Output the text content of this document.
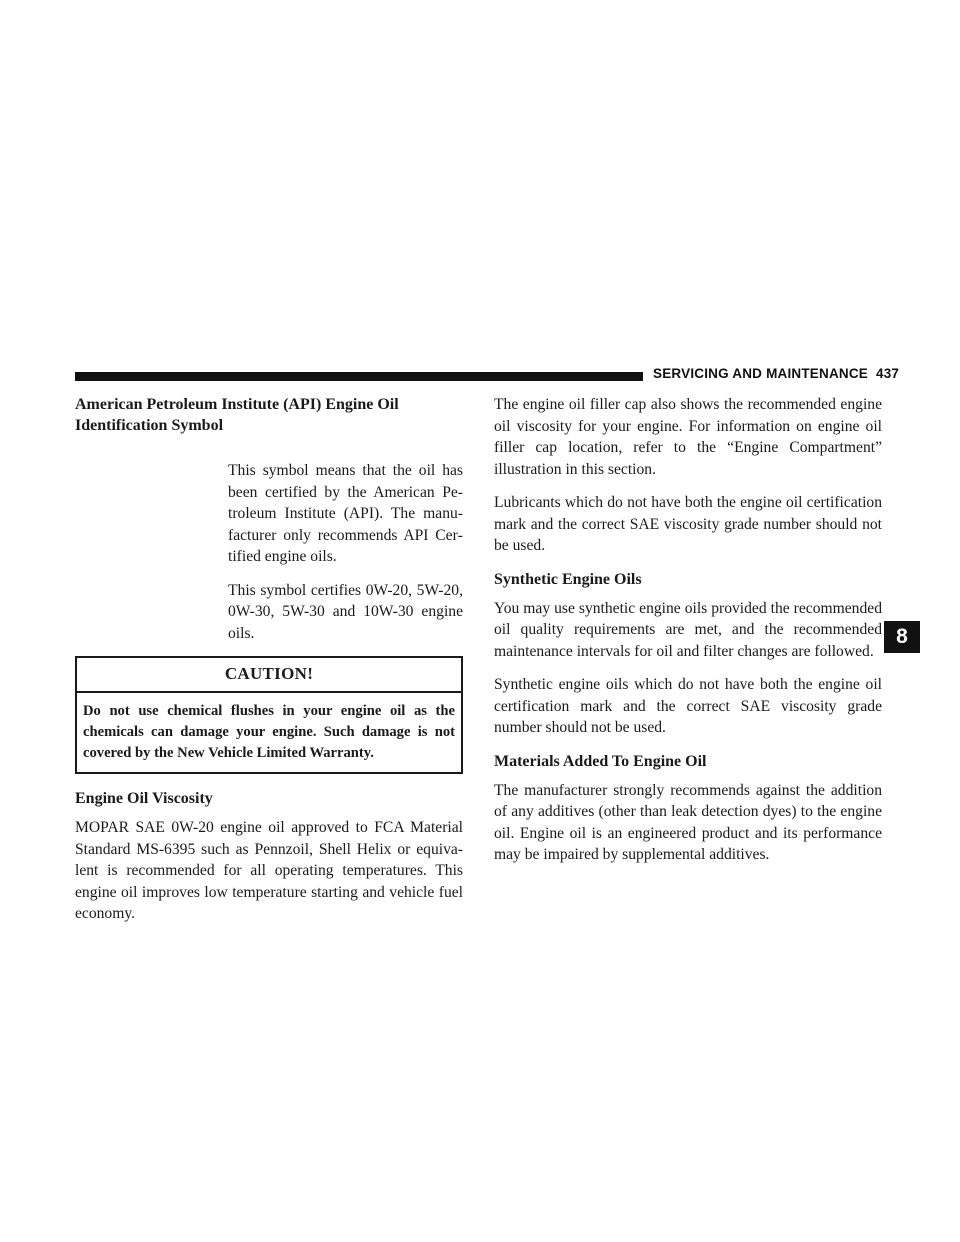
SERVICING AND MAINTENANCE 437
8
American Petroleum Institute (API) Engine Oil Identification Symbol

This symbol means that the oil has been certified by the American Petroleum Institute (API). The manufacturer only recommends API Certified engine oils.

This symbol certifies 0W-20, 5W-20, 0W-30, 5W-30 and 10W-30 engine oils.

CAUTION!
Do not use chemical flushes in your engine oil as the chemicals can damage your engine. Such damage is not covered by the New Vehicle Limited Warranty.
Engine Oil Viscosity

MOPAR SAE 0W-20 engine oil approved to FCA Material Standard MS-6395 such as Pennzoil, Shell Helix or equivalent is recommended for all operating temperatures. This engine oil improves low temperature starting and vehicle fuel economy.

The engine oil filler cap also shows the recommended engine oil viscosity for your engine. For information on engine oil filler cap location, refer to the “Engine Compartment” illustration in this section.

Lubricants which do not have both the engine oil certification mark and the correct SAE viscosity grade number should not be used.

Synthetic Engine Oils

You may use synthetic engine oils provided the recommended oil quality requirements are met, and the recommended maintenance intervals for oil and filter changes are followed.

Synthetic engine oils which do not have both the engine oil certification mark and the correct SAE viscosity grade number should not be used.

Materials Added To Engine Oil

The manufacturer strongly recommends against the addition of any additives (other than leak detection dyes) to the engine oil. Engine oil is an engineered product and its performance may be impaired by supplemental additives.
